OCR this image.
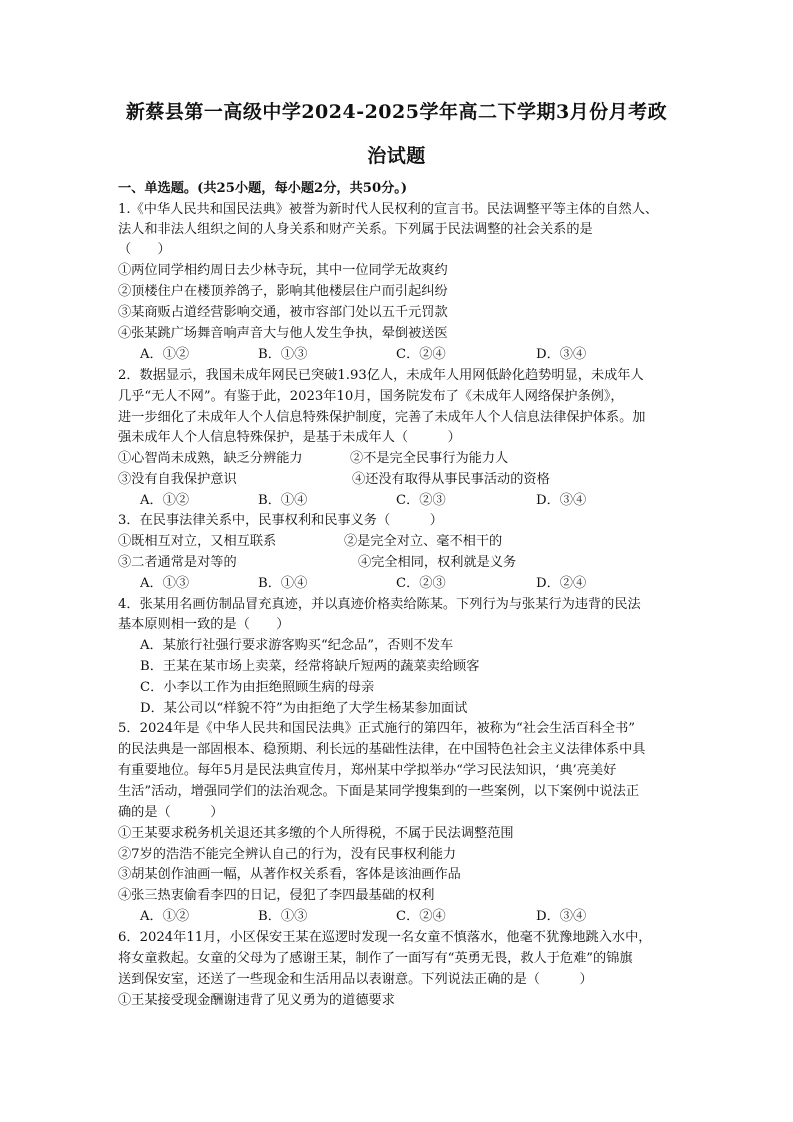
新蔡县第一高级中学2024-2025学年高二下学期3月份月考政
治试题
一、单选题。(共25小题，每小题2分，共50分。)
1.《中华人民共和国民法典》被誉为新时代人民权利的宣言书。民法调整平等主体的自然人、
法人和非法人组织之间的人身关系和财产关系。下列属于民法调整的社会关系的是
（　　）
①两位同学相约周日去少林寺玩，其中一位同学无故爽约
②顶楼住户在楼顶养鸽子，影响其他楼层住户而引起纠纷
③某商贩占道经营影响交通，被市容部门处以五千元罚款
④张某跳广场舞音响声音大与他人发生争执，晕倒被送医
A．①②	B．①③	C．②④	D．③④
2．数据显示，我国未成年网民已突破1.93亿人，未成年人用网低龄化趋势明显，未成年人
几乎“无人不网”。有鉴于此，2023年10月，国务院发布了《未成年人网络保护条例》，
进一步细化了未成年人个人信息特殊保护制度，完善了未成年人个人信息法律保护体系。加
强未成年人个人信息特殊保护，是基于未成年人（　　　）
①心智尚未成熟，缺乏分辨能力	②不是完全民事行为能力人
③没有自我保护意识	④还没有取得从事民事活动的资格
A．①②	B．①④	C．②③	D．③④
3．在民事法律关系中，民事权利和民事义务（　　　）
①既相互对立，又相互联系	②是完全对立、毫不相干的
③二者通常是对等的	④完全相同，权利就是义务
A．①③	B．①④	C．②③	D．②④
4．张某用名画仿制品冒充真迹，并以真迹价格卖给陈某。下列行为与张某行为违背的民法
基本原则相一致的是（　　）
A．某旅行社强行要求游客购买“纪念品”，否则不发车
B．王某在某市场上卖菜，经常将缺斤短两的蔬菜卖给顾客
C．小李以工作为由拒绝照顾生病的母亲
D．某公司以“样貌不符”为由拒绝了大学生杨某参加面试
5．2024年是《中华人民共和国民法典》正式施行的第四年，被称为“社会生活百科全书”
的民法典是一部固根本、稳预期、利长远的基础性法律，在中国特色社会主义法律体系中具
有重要地位。每年5月是民法典宣传月，郑州某中学拟举办“学习民法知识，‘典’亮美好
生活”活动，增强同学们的法治观念。下面是某同学搜集到的一些案例，以下案例中说法正
确的是（　　　）
①王某要求税务机关退还其多缴的个人所得税，不属于民法调整范围
②7岁的浩浩不能完全辨认自己的行为，没有民事权利能力
③胡某创作油画一幅，从著作权关系看，客体是该油画作品
④张三热衷偷看李四的日记，侵犯了李四最基础的权利
A．①②	B．①③	C．②④	D．③④
6．2024年11月，小区保安王某在巡逻时发现一名女童不慎落水，他毫不犹豫地跳入水中，
将女童救起。女童的父母为了感谢王某，制作了一面写有“英勇无畏，救人于危难”的锦旗
送到保安室，还送了一些现金和生活用品以表谢意。下列说法正确的是（　　　）
①王某接受现金酬谢违背了见义勇为的道德要求
